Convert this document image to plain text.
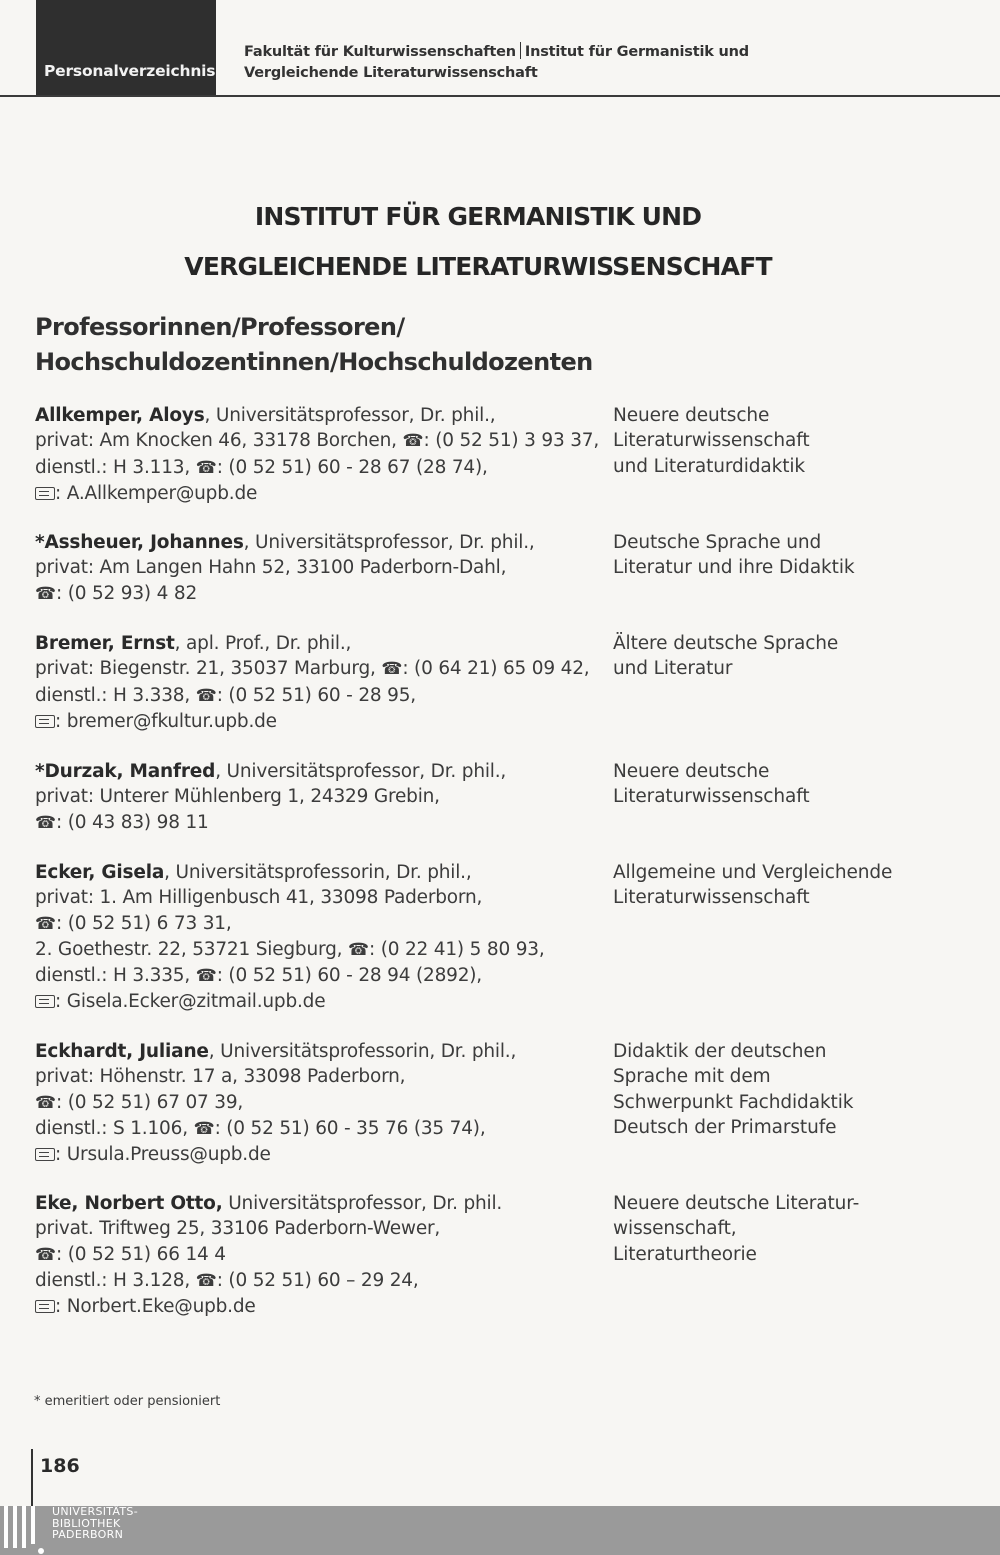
Personalverzeichnis
Fakultät für Kulturwissenschaften Institut für Germanistik und
Vergleichende Literaturwissenschaft
INSTITUT FÜR GERMANISTIK UND
VERGLEICHENDE LITERATURWISSENSCHAFT
Professorinnen/Professoren/
Hochschuldozentinnen/Hochschuldozenten
Allkemper, Aloys, Universitätsprofessor, Dr. phil.,
privat: Am Knocken 46, 33178 Borchen, ☎: (0 52 51) 3 93 37,
dienstl.: H 3.113, ☎: (0 52 51) 60 - 28 67 (28 74),
: A.Allkemper@upb.de
Neuere deutsche
Literaturwissenschaft
und Literaturdidaktik
*Assheuer, Johannes, Universitätsprofessor, Dr. phil.,
privat: Am Langen Hahn 52, 33100 Paderborn-Dahl,
☎: (0 52 93) 4 82
Deutsche Sprache und
Literatur und ihre Didaktik
Bremer, Ernst, apl. Prof., Dr. phil.,
privat: Biegenstr. 21, 35037 Marburg, ☎: (0 64 21) 65 09 42,
dienstl.: H 3.338, ☎: (0 52 51) 60 - 28 95,
: bremer@fkultur.upb.de
Ältere deutsche Sprache
und Literatur
*Durzak, Manfred, Universitätsprofessor, Dr. phil.,
privat: Unterer Mühlenberg 1, 24329 Grebin,
☎: (0 43 83) 98 11
Neuere deutsche
Literaturwissenschaft
Ecker, Gisela, Universitätsprofessorin, Dr. phil.,
privat: 1. Am Hilligenbusch 41, 33098 Paderborn,
☎: (0 52 51) 6 73 31,
2. Goethestr. 22, 53721 Siegburg, ☎: (0 22 41) 5 80 93,
dienstl.: H 3.335, ☎: (0 52 51) 60 - 28 94 (2892),
: Gisela.Ecker@zitmail.upb.de
Allgemeine und Vergleichende
Literaturwissenschaft
Eckhardt, Juliane, Universitätsprofessorin, Dr. phil.,
privat: Höhenstr. 17 a, 33098 Paderborn,
☎: (0 52 51) 67 07 39,
dienstl.: S 1.106, ☎: (0 52 51) 60 - 35 76 (35 74),
: Ursula.Preuss@upb.de
Didaktik der deutschen
Sprache mit dem
Schwerpunkt Fachdidaktik
Deutsch der Primarstufe
Eke, Norbert Otto, Universitätsprofessor, Dr. phil.
privat. Triftweg 25, 33106 Paderborn-Wewer,
☎: (0 52 51) 66 14 4
dienstl.: H 3.128, ☎: (0 52 51) 60 – 29 24,
: Norbert.Eke@upb.de
Neuere deutsche Literatur-
wissenschaft,
Literaturtheorie
* emeritiert oder pensioniert
186
UNIVERSITÄTS-
BIBLIOTHEK
PADERBORN
